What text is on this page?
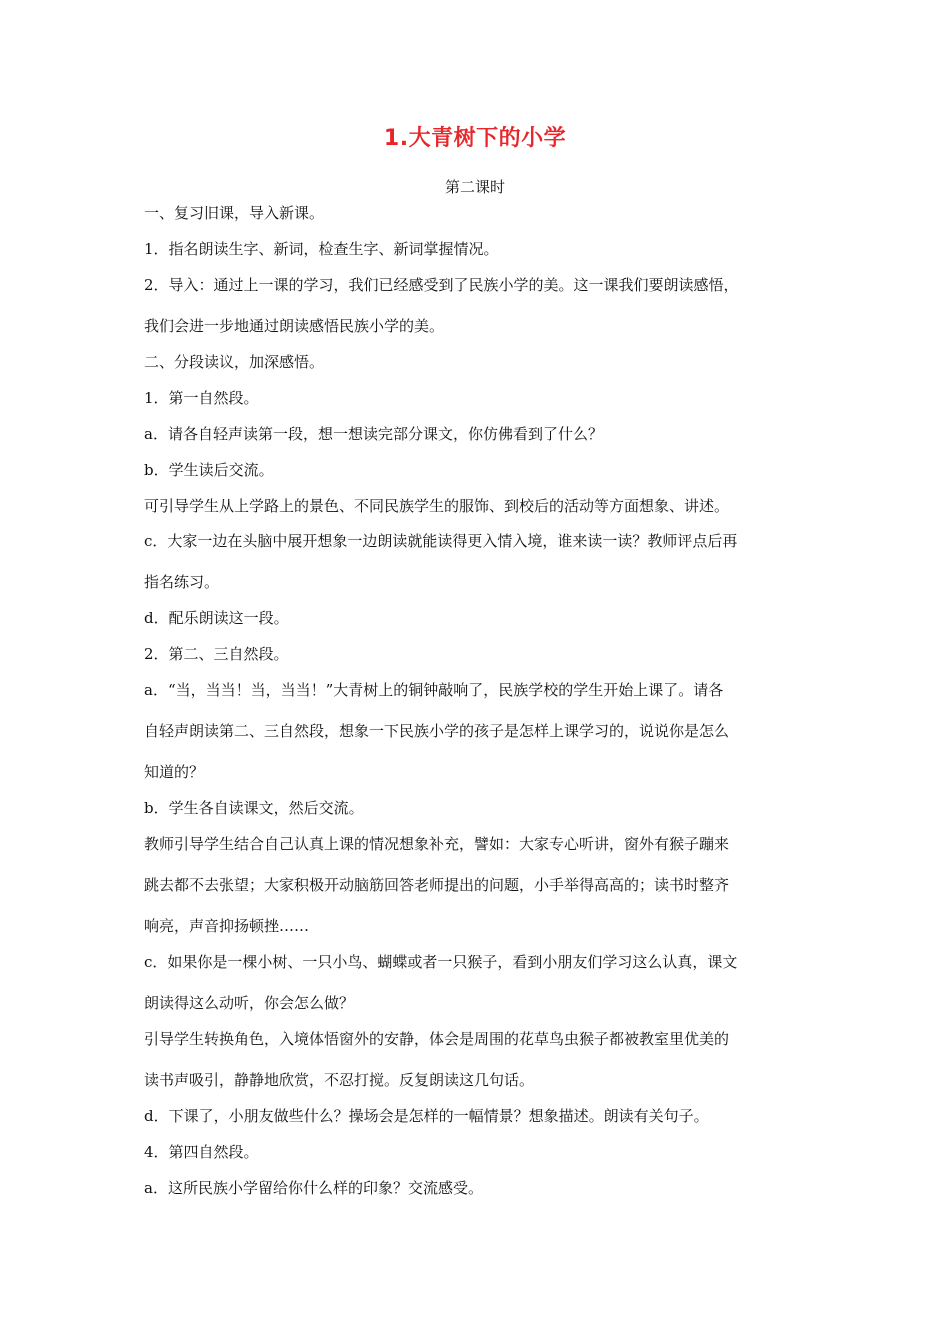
1.大青树下的小学
第二课时
一、复习旧课，导入新课。
1．指名朗读生字、新词，检查生字、新词掌握情况。
2．导入：通过上一课的学习，我们已经感受到了民族小学的美。这一课我们要朗读感悟，
我们会进一步地通过朗读感悟民族小学的美。
二、分段读议，加深感悟。
1．第一自然段。
a．请各自轻声读第一段，想一想读完部分课文，你仿佛看到了什么？
b．学生读后交流。
可引导学生从上学路上的景色、不同民族学生的服饰、到校后的活动等方面想象、讲述。
c．大家一边在头脑中展开想象一边朗读就能读得更入情入境，谁来读一读？教师评点后再
指名练习。
d．配乐朗读这一段。
2．第二、三自然段。
a．“当，当当！当，当当！”大青树上的铜钟敲响了，民族学校的学生开始上课了。请各
自轻声朗读第二、三自然段，想象一下民族小学的孩子是怎样上课学习的，说说你是怎么
知道的？
b．学生各自读课文，然后交流。
教师引导学生结合自己认真上课的情况想象补充，譬如：大家专心听讲，窗外有猴子蹦来
跳去都不去张望；大家积极开动脑筋回答老师提出的问题，小手举得高高的；读书时整齐
响亮，声音抑扬顿挫……
c．如果你是一棵小树、一只小鸟、蝴蝶或者一只猴子，看到小朋友们学习这么认真，课文
朗读得这么动听，你会怎么做？
引导学生转换角色，入境体悟窗外的安静，体会是周围的花草鸟虫猴子都被教室里优美的
读书声吸引，静静地欣赏，不忍打搅。反复朗读这几句话。
d．下课了，小朋友做些什么？操场会是怎样的一幅情景？想象描述。朗读有关句子。
4．第四自然段。
a．这所民族小学留给你什么样的印象？交流感受。
